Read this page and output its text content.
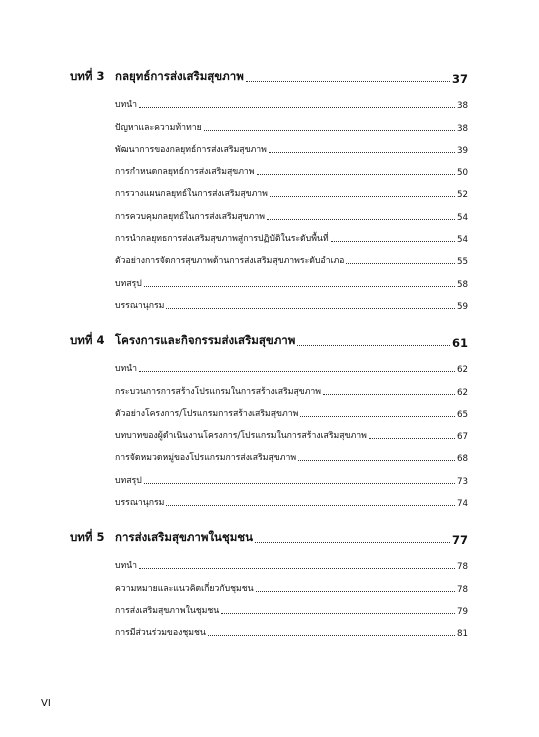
บทที่ 3 กลยุทธ์การส่งเสริมสุขภาพ	37
บทนำ	38
ปัญหาและความท้าทาย	38
พัฒนาการของกลยุทธ์การส่งเสริมสุขภาพ	39
การกำหนดกลยุทธ์การส่งเสริมสุขภาพ	50
การวางแผนกลยุทธ์ในการส่งเสริมสุขภาพ	52
การควบคุมกลยุทธ์ในการส่งเสริมสุขภาพ	54
การนำกลยุทธการส่งเสริมสุขภาพสู่การปฏิบัติในระดับพื้นที่	54
ตัวอย่างการจัดการสุขภาพด้านการส่งเสริมสุขภาพระดับอำเภอ	55
บทสรุป	58
บรรณานุกรม	59
บทที่ 4 โครงการและกิจกรรมส่งเสริมสุขภาพ	61
บทนำ	62
กระบวนการการสร้างโปรแกรมในการสร้างเสริมสุขภาพ	62
ตัวอย่างโครงการ/โปรแกรมการสร้างเสริมสุขภาพ	65
บทบาทของผู้ดำเนินงานโครงการ/โปรแกรมในการสร้างเสริมสุขภาพ	67
การจัดหมวดหมู่ของโปรแกรมการส่งเสริมสุขภาพ	68
บทสรุป	73
บรรณานุกรม	74
บทที่ 5 การส่งเสริมสุขภาพในชุมชน	77
บทนำ	78
ความหมายและแนวคิดเกี่ยวกับชุมชน	78
การส่งเสริมสุขภาพในชุมชน	79
การมีส่วนร่วมของชุมชน	81
VI
